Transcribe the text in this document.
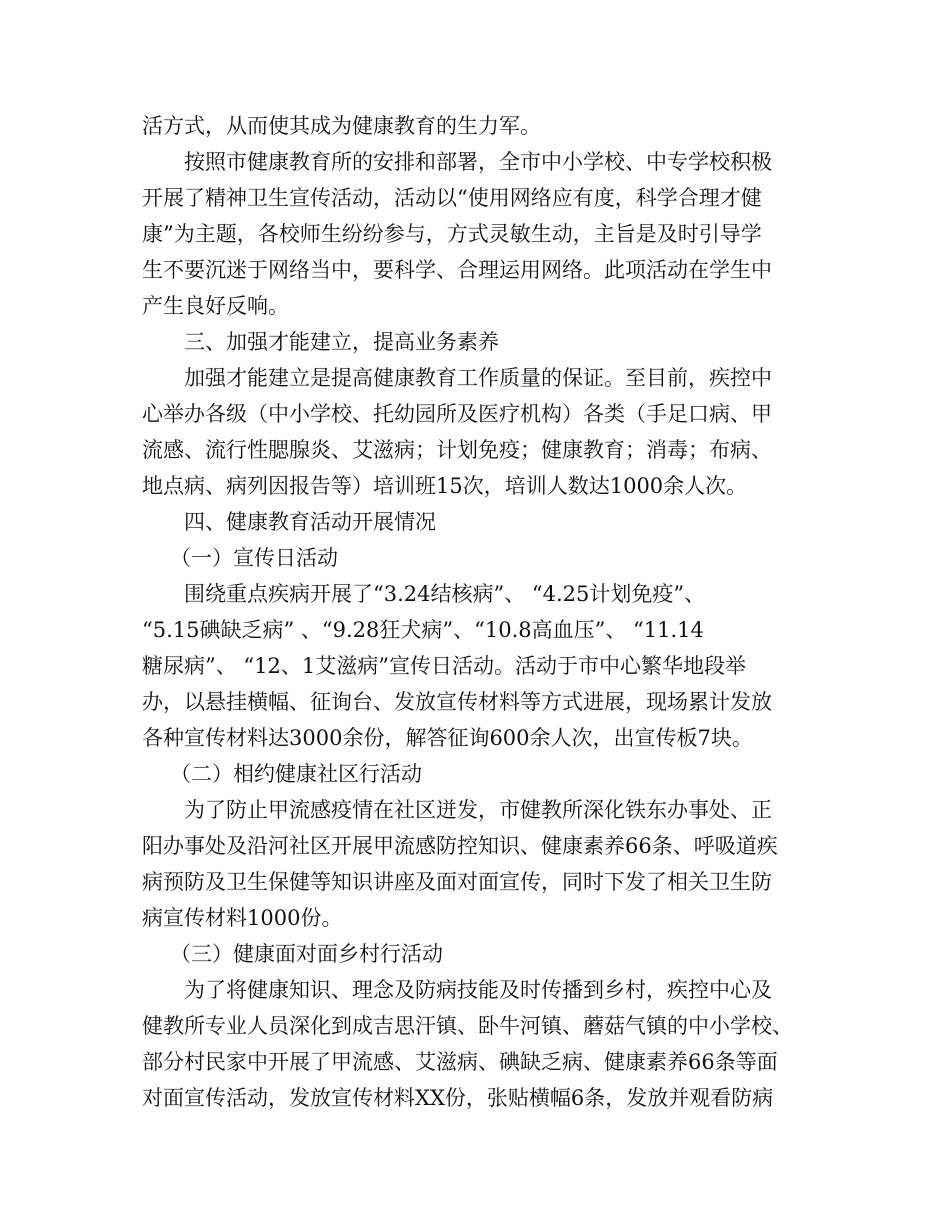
活方式，从而使其成为健康教育的生力军。
按照市健康教育所的安排和部署，全市中小学校、中专学校积极
开展了精神卫生宣传活动，活动以“使用网络应有度，科学合理才健
康”为主题，各校师生纷纷参与，方式灵敏生动，主旨是及时引导学
生不要沉迷于网络当中，要科学、合理运用网络。此项活动在学生中
产生良好反响。
三、加强才能建立，提高业务素养
加强才能建立是提高健康教育工作质量的保证。至目前，疾控中
心举办各级（中小学校、托幼园所及医疗机构）各类（手足口病、甲
流感、流行性腮腺炎、艾滋病；计划免疫；健康教育；消毒；布病、
地点病、病列因报告等）培训班15次，培训人数达1000余人次。
四、健康教育活动开展情况
（一）宣传日活动
围绕重点疾病开展了“3.24结核病”、 “4.25计划免疫”、
“5.15碘缺乏病” 、“9.28狂犬病”、“10.8高血压”、 “11.14
糖尿病”、 “12、1艾滋病”宣传日活动。活动于市中心繁华地段举
办，以悬挂横幅、征询台、发放宣传材料等方式进展，现场累计发放
各种宣传材料达3000余份，解答征询600余人次，出宣传板7块。
（二）相约健康社区行活动
为了防止甲流感疫情在社区迸发，市健教所深化铁东办事处、正
阳办事处及沿河社区开展甲流感防控知识、健康素养66条、呼吸道疾
病预防及卫生保健等知识讲座及面对面宣传，同时下发了相关卫生防
病宣传材料1000份。
（三）健康面对面乡村行活动
为了将健康知识、理念及防病技能及时传播到乡村，疾控中心及
健教所专业人员深化到成吉思汗镇、卧牛河镇、蘑菇气镇的中小学校、
部分村民家中开展了甲流感、艾滋病、碘缺乏病、健康素养66条等面
对面宣传活动，发放宣传材料XX份，张贴横幅6条，发放并观看防病
